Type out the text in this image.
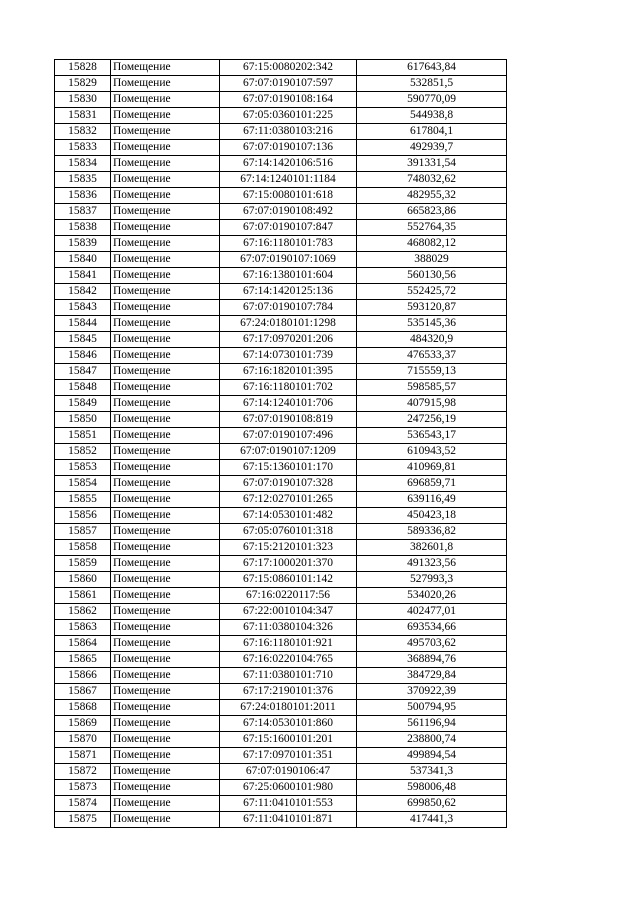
15828	Помещение	67:15:0080202:342	617643,84
15829	Помещение	67:07:0190107:597	532851,5
15830	Помещение	67:07:0190108:164	590770,09
15831	Помещение	67:05:0360101:225	544938,8
15832	Помещение	67:11:0380103:216	617804,1
15833	Помещение	67:07:0190107:136	492939,7
15834	Помещение	67:14:1420106:516	391331,54
15835	Помещение	67:14:1240101:1184	748032,62
15836	Помещение	67:15:0080101:618	482955,32
15837	Помещение	67:07:0190108:492	665823,86
15838	Помещение	67:07:0190107:847	552764,35
15839	Помещение	67:16:1180101:783	468082,12
15840	Помещение	67:07:0190107:1069	388029
15841	Помещение	67:16:1380101:604	560130,56
15842	Помещение	67:14:1420125:136	552425,72
15843	Помещение	67:07:0190107:784	593120,87
15844	Помещение	67:24:0180101:1298	535145,36
15845	Помещение	67:17:0970201:206	484320,9
15846	Помещение	67:14:0730101:739	476533,37
15847	Помещение	67:16:1820101:395	715559,13
15848	Помещение	67:16:1180101:702	598585,57
15849	Помещение	67:14:1240101:706	407915,98
15850	Помещение	67:07:0190108:819	247256,19
15851	Помещение	67:07:0190107:496	536543,17
15852	Помещение	67:07:0190107:1209	610943,52
15853	Помещение	67:15:1360101:170	410969,81
15854	Помещение	67:07:0190107:328	696859,71
15855	Помещение	67:12:0270101:265	639116,49
15856	Помещение	67:14:0530101:482	450423,18
15857	Помещение	67:05:0760101:318	589336,82
15858	Помещение	67:15:2120101:323	382601,8
15859	Помещение	67:17:1000201:370	491323,56
15860	Помещение	67:15:0860101:142	527993,3
15861	Помещение	67:16:0220117:56	534020,26
15862	Помещение	67:22:0010104:347	402477,01
15863	Помещение	67:11:0380104:326	693534,66
15864	Помещение	67:16:1180101:921	495703,62
15865	Помещение	67:16:0220104:765	368894,76
15866	Помещение	67:11:0380101:710	384729,84
15867	Помещение	67:17:2190101:376	370922,39
15868	Помещение	67:24:0180101:2011	500794,95
15869	Помещение	67:14:0530101:860	561196,94
15870	Помещение	67:15:1600101:201	238800,74
15871	Помещение	67:17:0970101:351	499894,54
15872	Помещение	67:07:0190106:47	537341,3
15873	Помещение	67:25:0600101:980	598006,48
15874	Помещение	67:11:0410101:553	699850,62
15875	Помещение	67:11:0410101:871	417441,3
